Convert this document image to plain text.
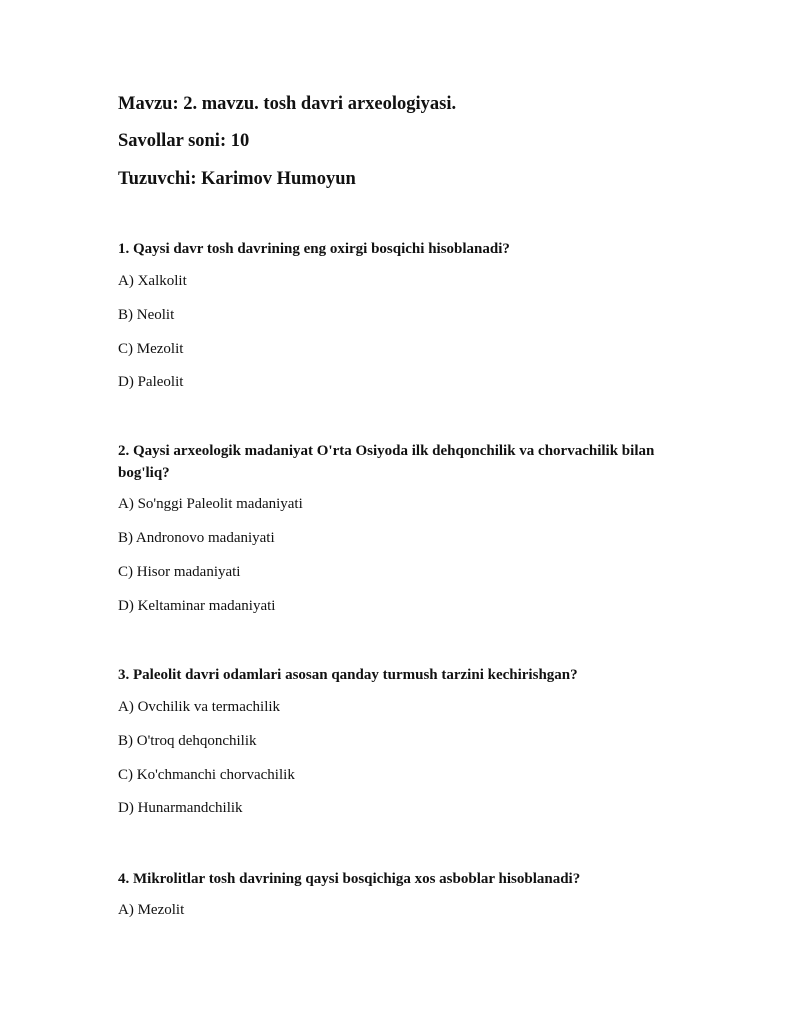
Mavzu: 2. mavzu. tosh davri arxeologiyasi.
Savollar soni: 10
Tuzuvchi: Karimov Humoyun
1. Qaysi davr tosh davrining eng oxirgi bosqichi hisoblanadi?
A) Xalkolit
B) Neolit
C) Mezolit
D) Paleolit
2. Qaysi arxeologik madaniyat O'rta Osiyoda ilk dehqonchilik va chorvachilik bilan bog'liq?
A) So'nggi Paleolit madaniyati
B) Andronovo madaniyati
C) Hisor madaniyati
D) Keltaminar madaniyati
3. Paleolit davri odamlari asosan qanday turmush tarzini kechirishgan?
A) Ovchilik va termachilik
B) O'troq dehqonchilik
C) Ko'chmanchi chorvachilik
D) Hunarmandchilik
4. Mikrolitlar tosh davrining qaysi bosqichiga xos asboblar hisoblanadi?
A) Mezolit
